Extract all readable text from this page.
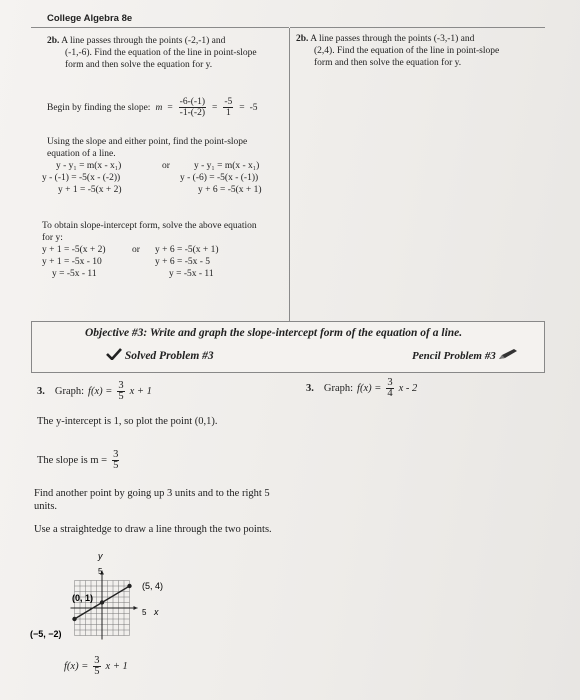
College Algebra 8e
2b. A line passes through the points (-2,-1) and
(-1,-6). Find the equation of the line in point-slope
form and then solve the equation for y.
Begin by finding the slope: $m = \frac{-6-(-1)}{-1-(-2)} = \frac{-5}{1} = -5$
Using the slope and either point, find the point-slope
equation of a line.
y - y₁ = m(x - x₁)
y - (-1) = -5(x - (-2))
y + 1 = -5(x + 2)
or	y - y₁ = m(x - x₁)
y - (-6) = -5(x - (-1))
y + 6 = -5(x + 1)
To obtain slope-intercept form, solve the above equation
for y:
y + 1 = -5(x + 2)
y + 1 = -5x - 10
y = -5x - 11
or y + 6 = -5(x + 1)
y + 6 = -5x - 5
y = -5x - 11
2b. A line passes through the points (-3,-1) and
(2,4). Find the equation of the line in point-slope
form and then solve the equation for y.
Objective #3: Write and graph the slope-intercept form of the equation of a line.
Solved Problem #3	Pencil Problem #3
3. Graph: $f(x) = \frac{3}{5}$ x + 1
The y-intercept is 1, so plot the point (0,1).
The slope is $m = \frac{3}{5}$
Find another point by going up 3 units and to the right 5
units.
Use a straightedge to draw a line through the two points.
3. Graph: $f(x) = \frac{3}{4}$ x - 2
y
x
5
5
(0, 1)
(5, 4)
(−5, −2)
$f(x) = \frac{3}{5}$ x + 1
